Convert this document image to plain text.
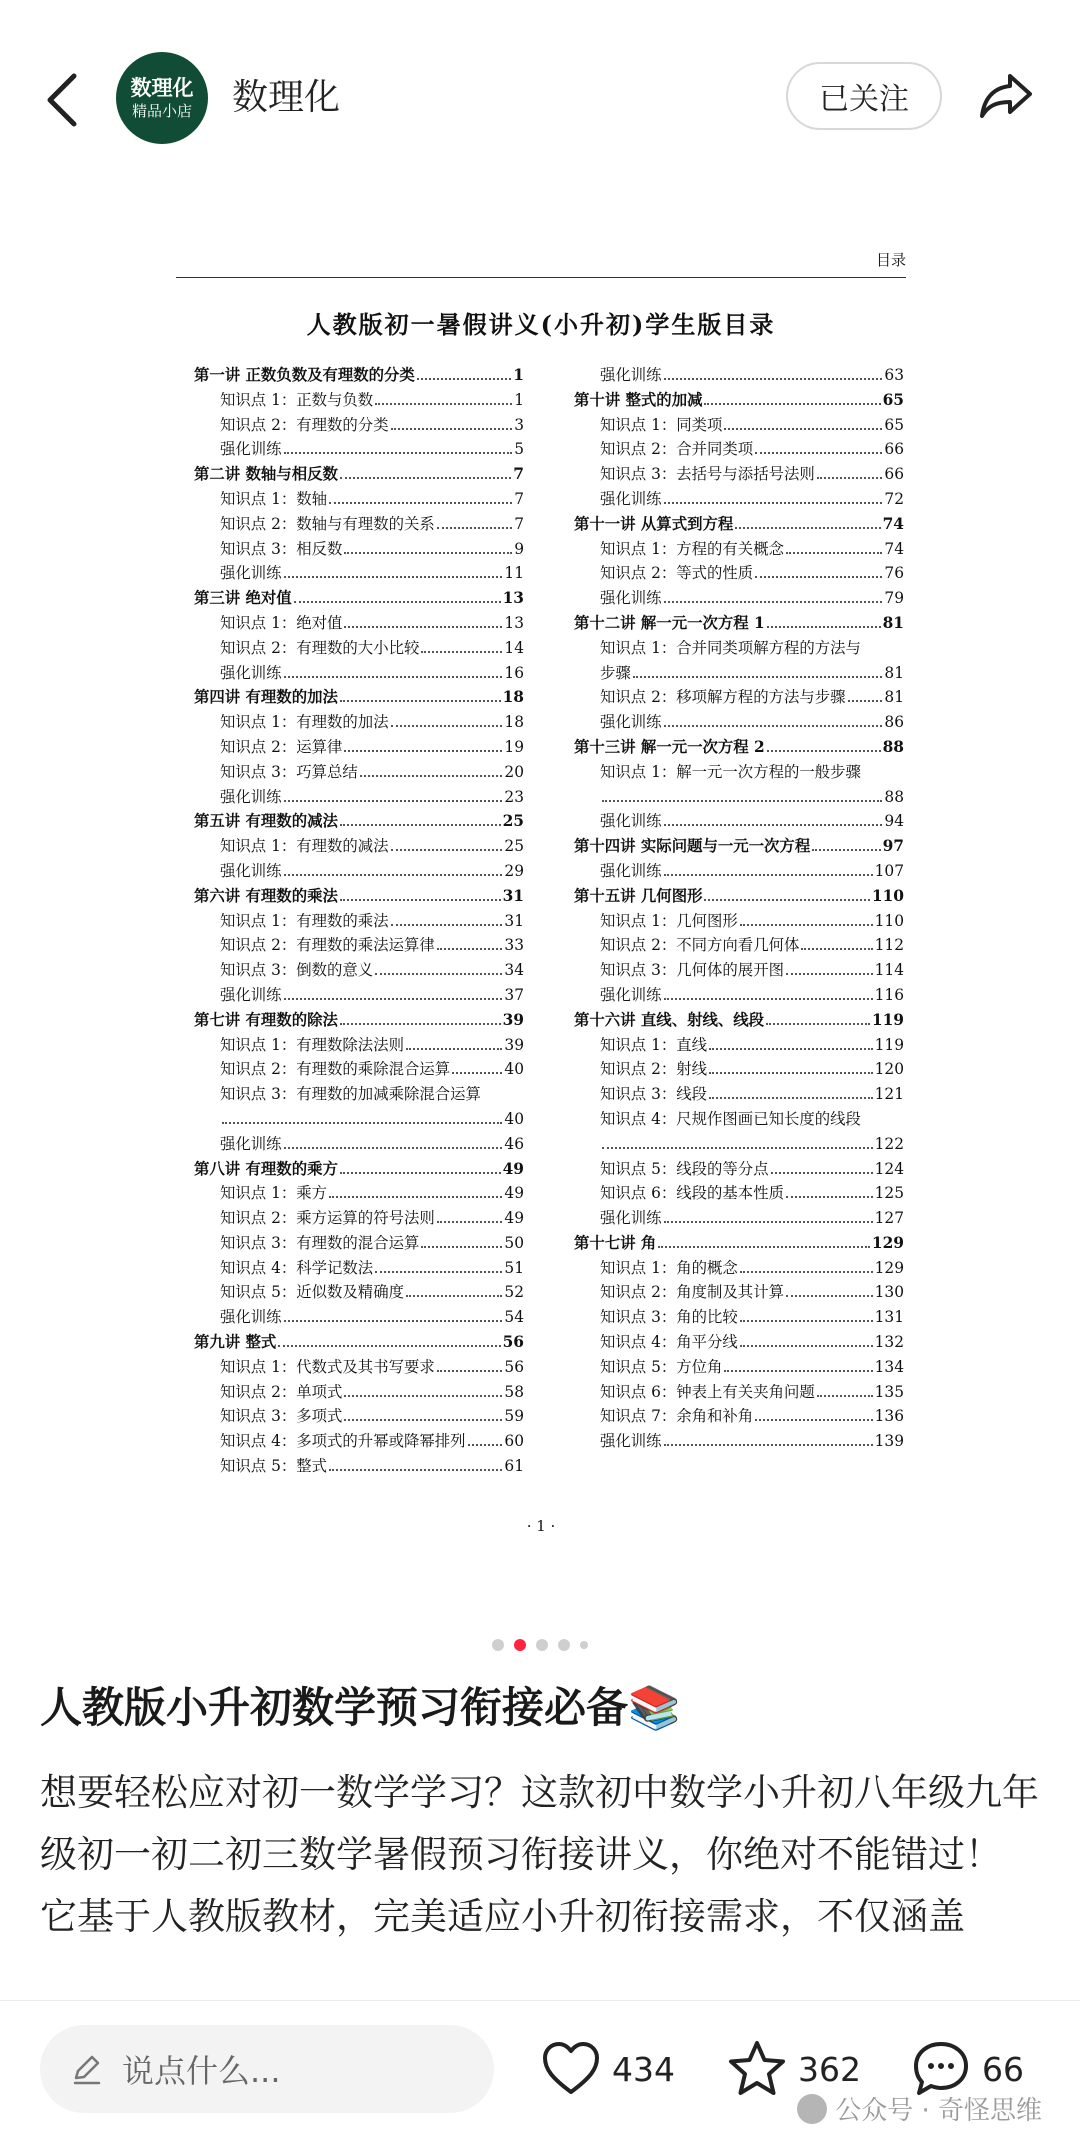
数理化
精品小店 数理化	已关注
目录
人教版初一暑假讲义(小升初)学生版目录
第一讲 正数负数及有理数的分类	1
知识点 1：正数与负数	1
知识点 2：有理数的分类	3
强化训练	5
第二讲 数轴与相反数	7
知识点 1：数轴	7
知识点 2：数轴与有理数的关系	7
知识点 3：相反数	9
强化训练	11
第三讲 绝对值	13
知识点 1：绝对值	13
知识点 2：有理数的大小比较	14
强化训练	16
第四讲 有理数的加法	18
知识点 1：有理数的加法	18
知识点 2：运算律	19
知识点 3：巧算总结	20
强化训练	23
第五讲 有理数的减法	25
知识点 1：有理数的减法	25
强化训练	29
第六讲 有理数的乘法	31
知识点 1：有理数的乘法	31
知识点 2：有理数的乘法运算律	33
知识点 3：倒数的意义	34
强化训练	37
第七讲 有理数的除法	39
知识点 1：有理数除法法则	39
知识点 2：有理数的乘除混合运算	40
知识点 3：有理数的加减乘除混合运算
40
强化训练	46
第八讲 有理数的乘方	49
知识点 1：乘方	49
知识点 2：乘方运算的符号法则	49
知识点 3：有理数的混合运算	50
知识点 4：科学记数法	51
知识点 5：近似数及精确度	52
强化训练	54
第九讲 整式	56
知识点 1：代数式及其书写要求	56
知识点 2：单项式	58
知识点 3：多项式	59
知识点 4：多项式的升幂或降幂排列	60
知识点 5：整式	61
强化训练	63
第十讲 整式的加减	65
知识点 1：同类项	65
知识点 2：合并同类项	66
知识点 3：去括号与添括号法则	66
强化训练	72
第十一讲 从算式到方程	74
知识点 1：方程的有关概念	74
知识点 2：等式的性质	76
强化训练	79
第十二讲 解一元一次方程 1	81
知识点 1：合并同类项解方程的方法与
步骤	81
知识点 2：移项解方程的方法与步骤	81
强化训练	86
第十三讲 解一元一次方程 2	88
知识点 1：解一元一次方程的一般步骤
88
强化训练	94
第十四讲 实际问题与一元一次方程	97
强化训练	107
第十五讲 几何图形	110
知识点 1：几何图形	110
知识点 2：不同方向看几何体	112
知识点 3：几何体的展开图	114
强化训练	116
第十六讲 直线、射线、线段	119
知识点 1：直线	119
知识点 2：射线	120
知识点 3：线段	121
知识点 4：尺规作图画已知长度的线段
122
知识点 5：线段的等分点	124
知识点 6：线段的基本性质	125
强化训练	127
第十七讲 角	129
知识点 1：角的概念	129
知识点 2：角度制及其计算	130
知识点 3：角的比较	131
知识点 4：角平分线	132
知识点 5：方位角	134
知识点 6：钟表上有关夹角问题	135
知识点 7：余角和补角	136
强化训练	139
· 1 ·
人教版小升初数学预习衔接必备📚

想要轻松应对初一数学学习？这款初中数学小升初八年级九年级初一初二初三数学暑假预习衔接讲义，你绝对不能错过！

它基于人教版教材，完美适应小升初衔接需求，不仅涵盖

说点什么...	434	362	66
公众号 · 奇怪思维
